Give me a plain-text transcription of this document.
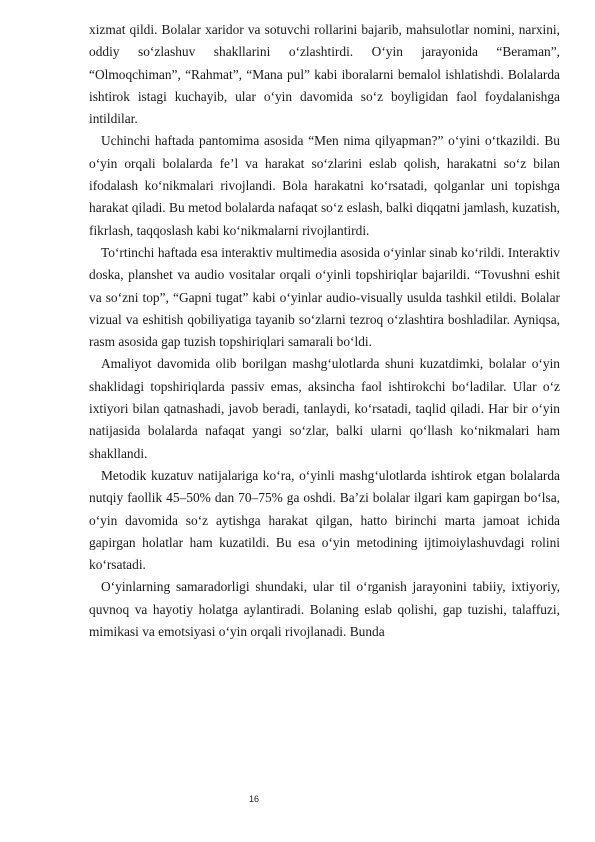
xizmat qildi. Bolalar xaridor va sotuvchi rollarini bajarib, mahsulotlar nomini, narxini, oddiy so‘zlashuv shakllarini o‘zlashtirdi. O‘yin jarayonida “Beraman”, “Olmoqchiman”, “Rahmat”, “Mana pul” kabi iboralarni bemalol ishlatishdi. Bolalarda ishtirok istagi kuchayib, ular o‘yin davomida so‘z boyligidan faol foydalanishga intildilar.

Uchinchi haftada pantomima asosida “Men nima qilyapman?” o‘yini o‘tkazildi. Bu o‘yin orqali bolalarda fe’l va harakat so‘zlarini eslab qolish, harakatni so‘z bilan ifodalash ko‘nikmalari rivojlandi. Bola harakatni ko‘rsatadi, qolganlar uni topishga harakat qiladi. Bu metod bolalarda nafaqat so‘z eslash, balki diqqatni jamlash, kuzatish, fikrlash, taqqoslash kabi ko‘nikmalarni rivojlantirdi.

To‘rtinchi haftada esa interaktiv multimedia asosida o‘yinlar sinab ko‘rildi. Interaktiv doska, planshet va audio vositalar orqali o‘yinli topshiriqlar bajarildi. “Tovushni eshit va so‘zni top”, “Gapni tugat” kabi o‘yinlar audio-visually usulda tashkil etildi. Bolalar vizual va eshitish qobiliyatiga tayanib so‘zlarni tezroq o‘zlashtira boshladilar. Ayniqsa, rasm asosida gap tuzish topshiriqlari samarali bo‘ldi.

Amaliyot davomida olib borilgan mashg‘ulotlarda shuni kuzatdimki, bolalar o‘yin shaklidagi topshiriqlarda passiv emas, aksincha faol ishtirokchi bo‘ladilar. Ular o‘z ixtiyori bilan qatnashadi, javob beradi, tanlaydi, ko‘rsatadi, taqlid qiladi. Har bir o‘yin natijasida bolalarda nafaqat yangi so‘zlar, balki ularni qo‘llash ko‘nikmalari ham shakllandi.

Metodik kuzatuv natijalariga ko‘ra, o‘yinli mashg‘ulotlarda ishtirok etgan bolalarda nutqiy faollik 45–50% dan 70–75% ga oshdi. Ba’zi bolalar ilgari kam gapirgan bo‘lsa, o‘yin davomida so‘z aytishga harakat qilgan, hatto birinchi marta jamoat ichida gapirgan holatlar ham kuzatildi. Bu esa o‘yin metodining ijtimoiylashuvdagi rolini ko‘rsatadi.

O‘yinlarning samaradorligi shundaki, ular til o‘rganish jarayonini tabiiy, ixtiyoriy, quvnoq va hayotiy holatga aylantiradi. Bolaning eslab qolishi, gap tuzishi, talaffuzi, mimikasi va emotsiyasi o‘yin orqali rivojlanadi. Bunda

16
